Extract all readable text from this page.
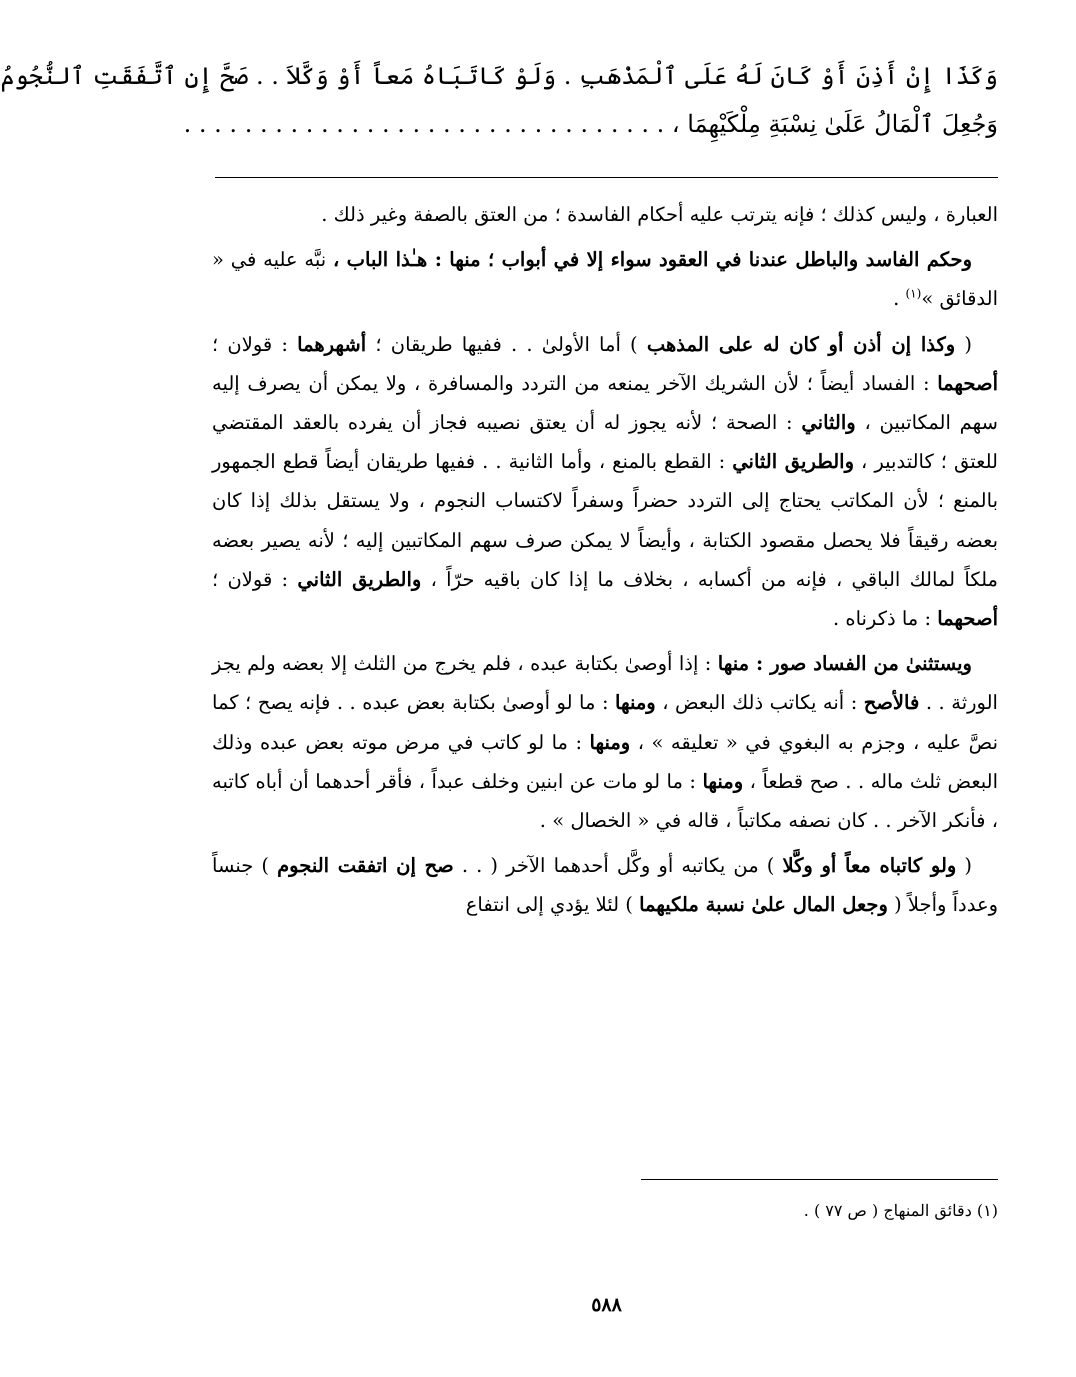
وَكَذَا إِنْ أَذِنَ أَوْ كَانَ لَهُ عَلَى ٱلْمَذْهَبِ . وَلَوْ كَاتَبَاهُ مَعاً أَوْ وَكَّلاَ . . صَحَّ إِنِ ٱتَّفَقَتِ ٱلنُّجُومُ
وَجُعِلَ ٱلْمَالُ عَلَىٰ نِسْبَةِ مِلْكَيْهِمَا ، . . . . . . . . . . . . . . . . . . . . . . . . . . . . . . . .

العبارة ، وليس كذلك ؛ فإنه يترتب عليه أحكام الفاسدة ؛ من العتق بالصفة وغير ذلك .

وحكم الفاسد والباطل عندنا في العقود سواء إلا في أبواب ؛ منها : هـٰذا الباب ، نبَّه عليه في « الدقائق »$^{(١)}$ .

( وكذا إن أذن أو كان له على المذهب ) أما الأولىٰ . . ففيها طريقان ؛ أشهرهما : قولان ؛ أصحهما : الفساد أيضاً ؛ لأن الشريك الآخر يمنعه من التردد والمسافرة ، ولا يمكن أن يصرف إليه سهم المكاتبين ، والثاني : الصحة ؛ لأنه يجوز له أن يعتق نصيبه فجاز أن يفرده بالعقد المقتضي للعتق ؛ كالتدبير ، والطريق الثاني : القطع بالمنع ، وأما الثانية . . ففيها طريقان أيضاً قطع الجمهور بالمنع ؛ لأن المكاتب يحتاج إلى التردد حضراً وسفراً لاكتساب النجوم ، ولا يستقل بذلك إذا كان بعضه رقيقاً فلا يحصل مقصود الكتابة ، وأيضاً لا يمكن صرف سهم المكاتبين إليه ؛ لأنه يصير بعضه ملكاً لمالك الباقي ، فإنه من أكسابه ، بخلاف ما إذا كان باقيه حرّاً ، والطريق الثاني : قولان ؛ أصحهما : ما ذكرناه .

ويستثنىٰ من الفساد صور : منها : إذا أوصىٰ بكتابة عبده ، فلم يخرج من الثلث إلا بعضه ولم يجز الورثة . . فالأصح : أنه يكاتب ذلك البعض ، ومنها : ما لو أوصىٰ بكتابة بعض عبده . . فإنه يصح ؛ كما نصَّ عليه ، وجزم به البغوي في « تعليقه » ، ومنها : ما لو كاتب في مرض موته بعض عبده وذلك البعض ثلث ماله . . صح قطعاً ، ومنها : ما لو مات عن ابنين وخلف عبداً ، فأقر أحدهما أن أباه كاتبه ، فأنكر الآخر . . كان نصفه مكاتباً ، قاله في « الخصال » .

( ولو كاتباه معاً أو وكَّلا ) من يكاتبه أو وكَّل أحدهما الآخر ( . . صح إن اتفقت النجوم ) جنساً وعدداً وأجلاً ( وجعل المال علىٰ نسبة ملكيهما ) لئلا يؤدي إلى انتفاع

(١) دقائق المنهاج ( ص ٧٧ ) .
٥٨٨
